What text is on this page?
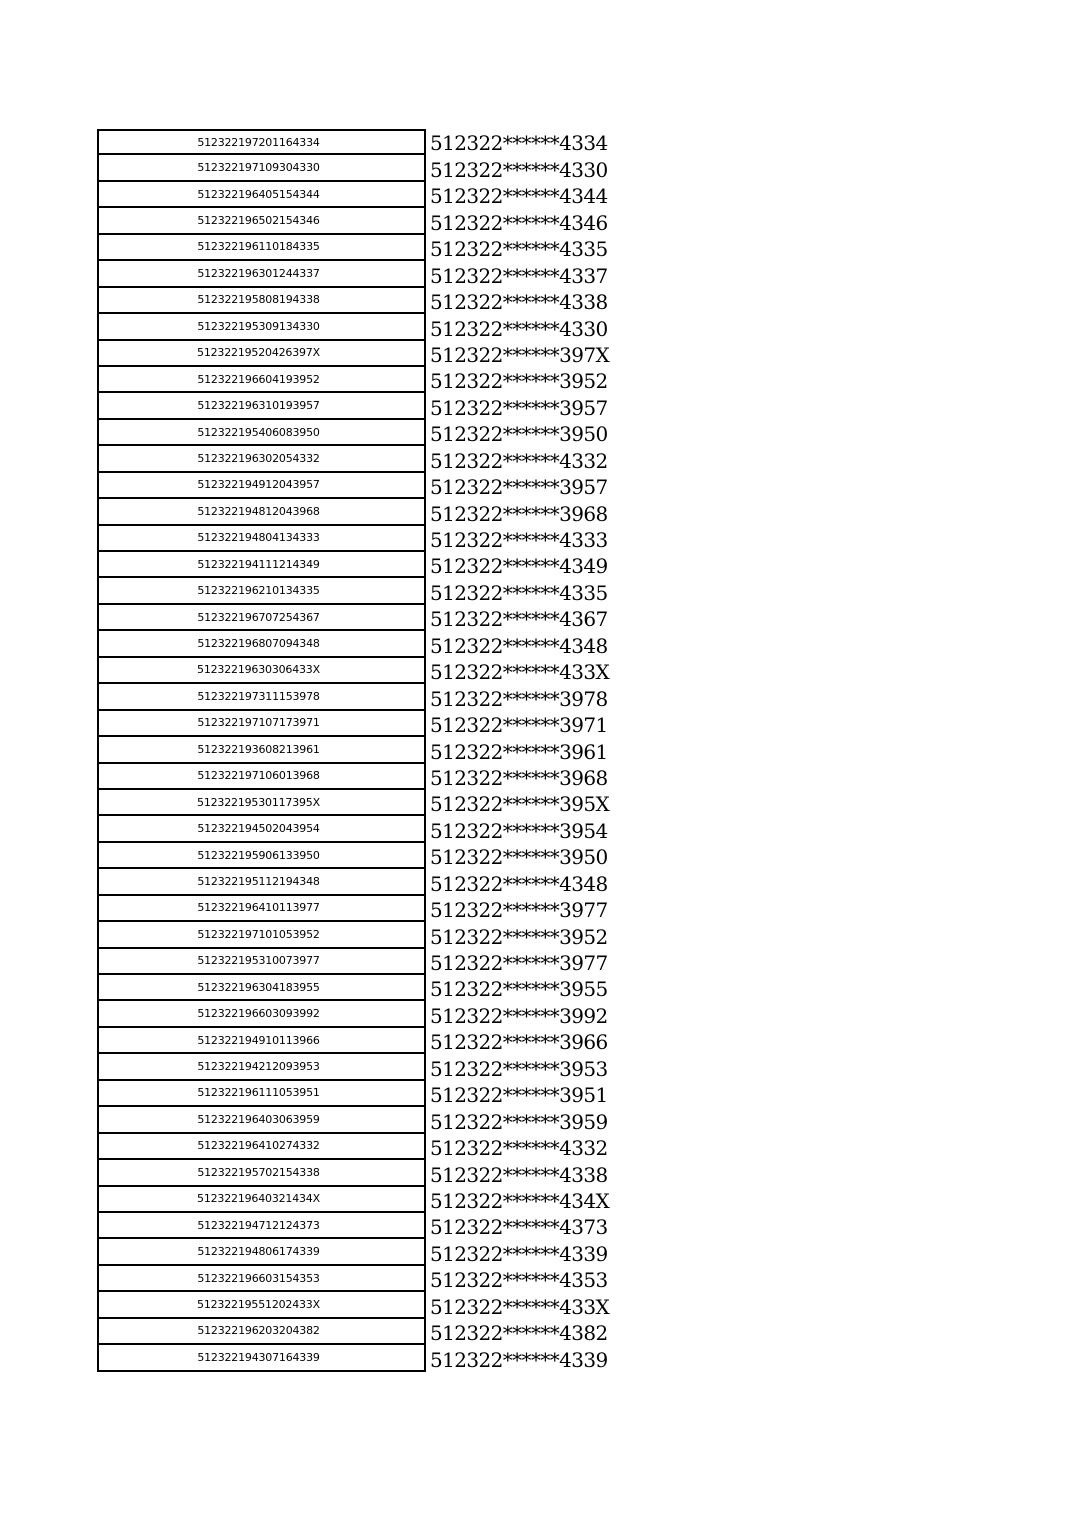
512322197201164334	512322******4334
512322197109304330	512322******4330
512322196405154344	512322******4344
512322196502154346	512322******4346
512322196110184335	512322******4335
512322196301244337	512322******4337
512322195808194338	512322******4338
512322195309134330	512322******4330
51232219520426397X	512322******397X
512322196604193952	512322******3952
512322196310193957	512322******3957
512322195406083950	512322******3950
512322196302054332	512322******4332
512322194912043957	512322******3957
512322194812043968	512322******3968
512322194804134333	512322******4333
512322194111214349	512322******4349
512322196210134335	512322******4335
512322196707254367	512322******4367
512322196807094348	512322******4348
51232219630306433X	512322******433X
512322197311153978	512322******3978
512322197107173971	512322******3971
512322193608213961	512322******3961
512322197106013968	512322******3968
51232219530117395X	512322******395X
512322194502043954	512322******3954
512322195906133950	512322******3950
512322195112194348	512322******4348
512322196410113977	512322******3977
512322197101053952	512322******3952
512322195310073977	512322******3977
512322196304183955	512322******3955
512322196603093992	512322******3992
512322194910113966	512322******3966
512322194212093953	512322******3953
512322196111053951	512322******3951
512322196403063959	512322******3959
512322196410274332	512322******4332
512322195702154338	512322******4338
51232219640321434X	512322******434X
512322194712124373	512322******4373
512322194806174339	512322******4339
512322196603154353	512322******4353
51232219551202433X	512322******433X
512322196203204382	512322******4382
512322194307164339	512322******4339
